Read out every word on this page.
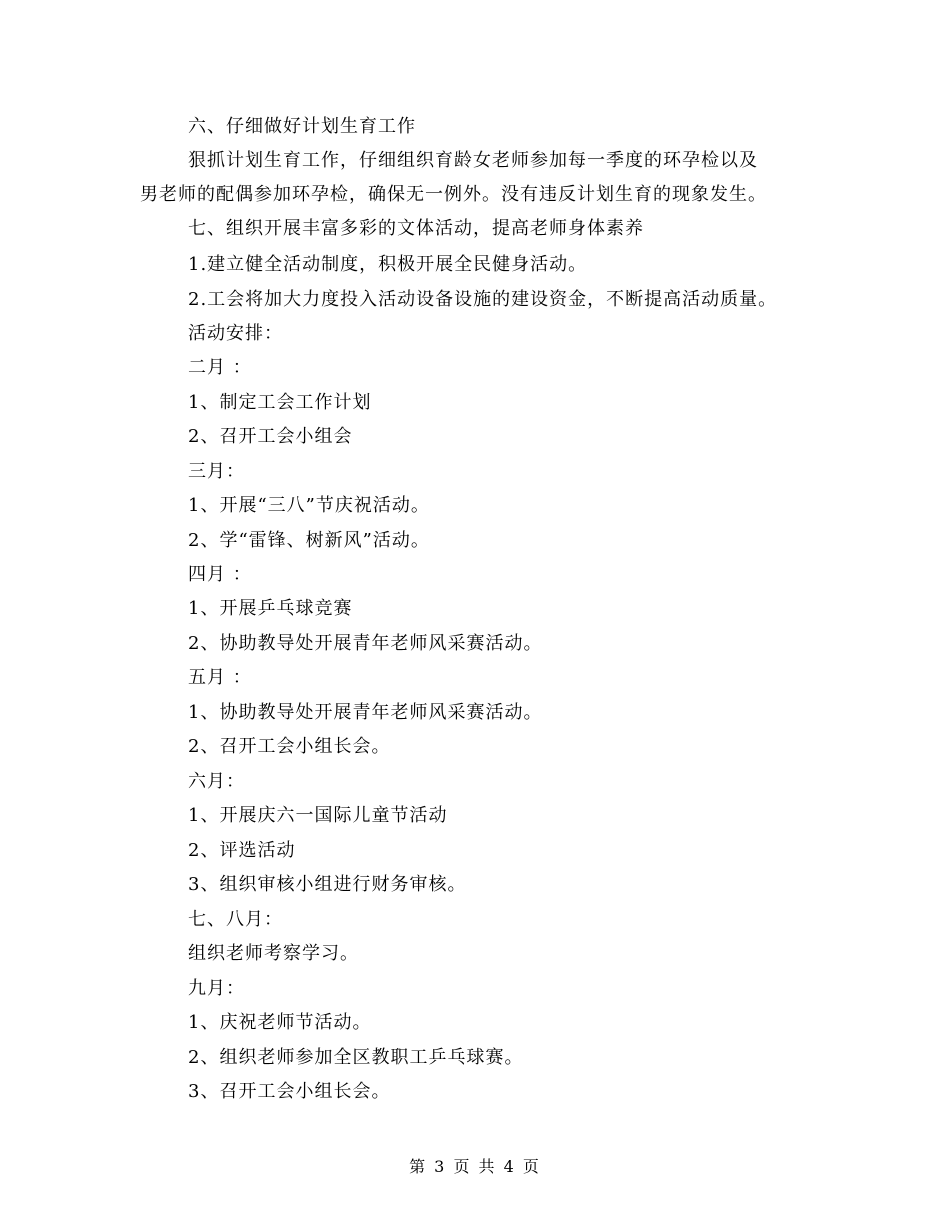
六、仔细做好计划生育工作
狠抓计划生育工作，仔细组织育龄女老师参加每一季度的环孕检以及
男老师的配偶参加环孕检，确保无一例外。没有违反计划生育的现象发生。
七、组织开展丰富多彩的文体活动，提高老师身体素养
1.建立健全活动制度，积极开展全民健身活动。
2.工会将加大力度投入活动设备设施的建设资金，不断提高活动质量。
活动安排：
二月 ：
1、制定工会工作计划
2、召开工会小组会
三月：
1、开展“三八”节庆祝活动。
2、学“雷锋、树新风”活动。
四月 ：
1、开展乒乓球竞赛
2、协助教导处开展青年老师风采赛活动。
五月 ：
1、协助教导处开展青年老师风采赛活动。
2、召开工会小组长会。
六月：
1、开展庆六一国际儿童节活动
2、评选活动
3、组织审核小组进行财务审核。
七、八月：
组织老师考察学习。
九月：
1、庆祝老师节活动。
2、组织老师参加全区教职工乒乓球赛。
3、召开工会小组长会。
第 3 页 共 4 页
